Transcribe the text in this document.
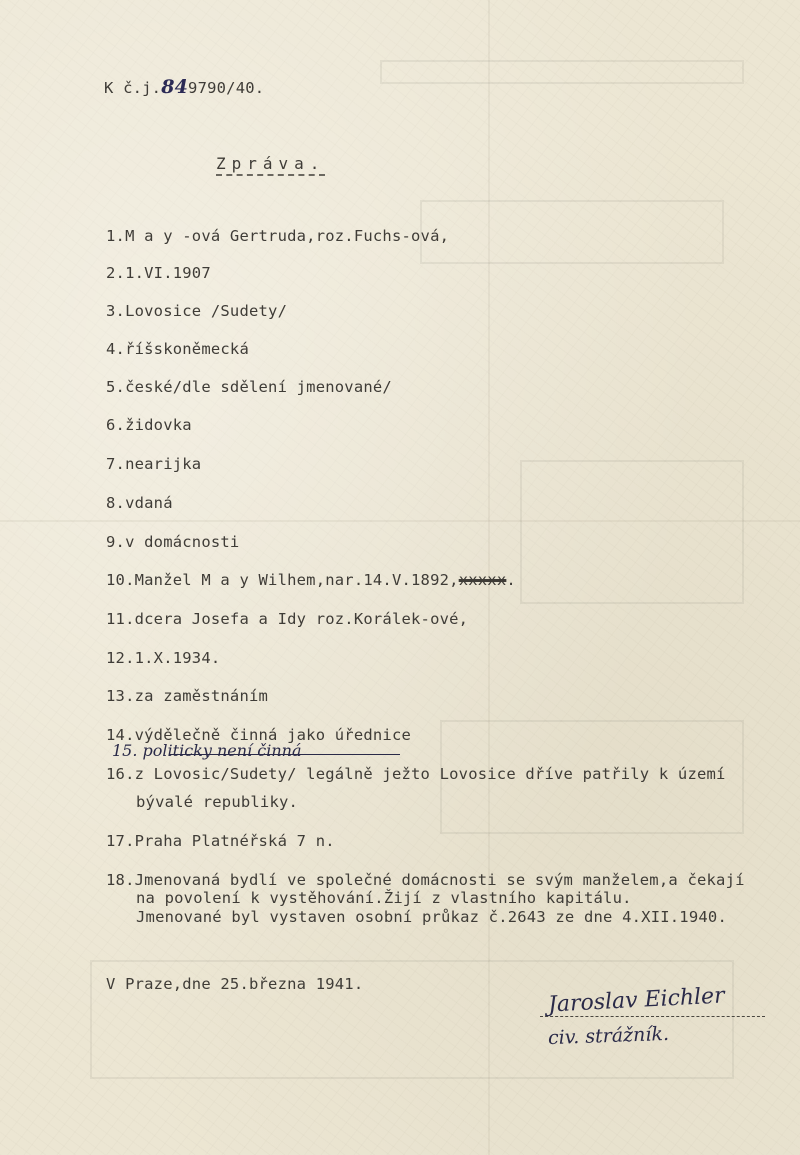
K č.j.849790/40.
Zpráva.
1.M a y -ová Gertruda,roz.Fuchs-ová,
2.1.VI.1907
3.Lovosice /Sudety/
4.říšskoněmecká
5.české/dle sdělení jmenované/
6.židovka
7.nearijka
8.vdaná
9.v domácnosti
10.Manžel M a y Wilhem,nar.14.V.1892,xxxxx.
11.dcera Josefa a Idy roz.Korálek-ové,
12.1.X.1934.
13.za zaměstnáním
14.výdělečně činná jako úřednice
15. politicky není činná
16.z Lovosic/Sudety/ legálně ježto Lovosice dříve patřily k území
bývalé republiky.
17.Praha Platnéřská 7 n.
18.Jmenovaná bydlí ve společné domácnosti se svým manželem,a čekají
na povolení k vystěhování.Žijí z vlastního kapitálu.
Jmenované byl vystaven osobní průkaz č.2643 ze dne 4.XII.1940.
V Praze,dne 25.března 1941.	Jaroslav Eichler
civ. strážník.
